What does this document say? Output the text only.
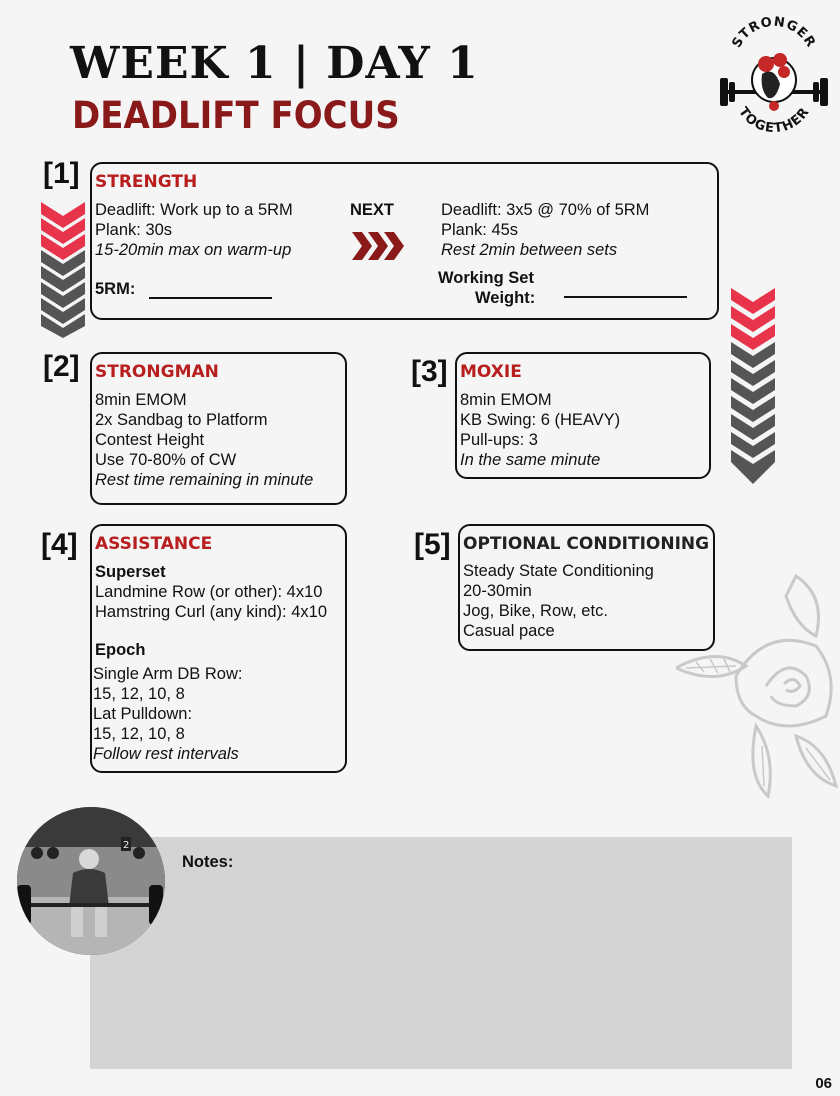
WEEK 1 | DAY 1
DEADLIFT FOCUS
STRONGER
TOGETHER
[1] STRENGTH
Deadlift: Work up to a 5RM
Plank: 30s
15-20min max on warm-up
NEXT	Deadlift: 3x5 @ 70% of 5RM
Plank: 45s
Rest 2min between sets
5RM:
Working Set
Weight:
[2] STRONGMAN
8min EMOM
2x Sandbag to Platform
Contest Height
Use 70-80% of CW
Rest time remaining in minute
[3] MOXIE
8min EMOM
KB Swing: 6 (HEAVY)
Pull-ups: 3
In the same minute
[4] ASSISTANCE
Superset
Landmine Row (or other): 4x10
Hamstring Curl (any kind): 4x10
Epoch
Single Arm DB Row:
15, 12, 10, 8
Lat Pulldown:
15, 12, 10, 8
Follow rest intervals
[5] OPTIONAL CONDITIONING
Steady State Conditioning
20-30min
Jog, Bike, Row, etc.
Casual pace
Notes:
2
06
